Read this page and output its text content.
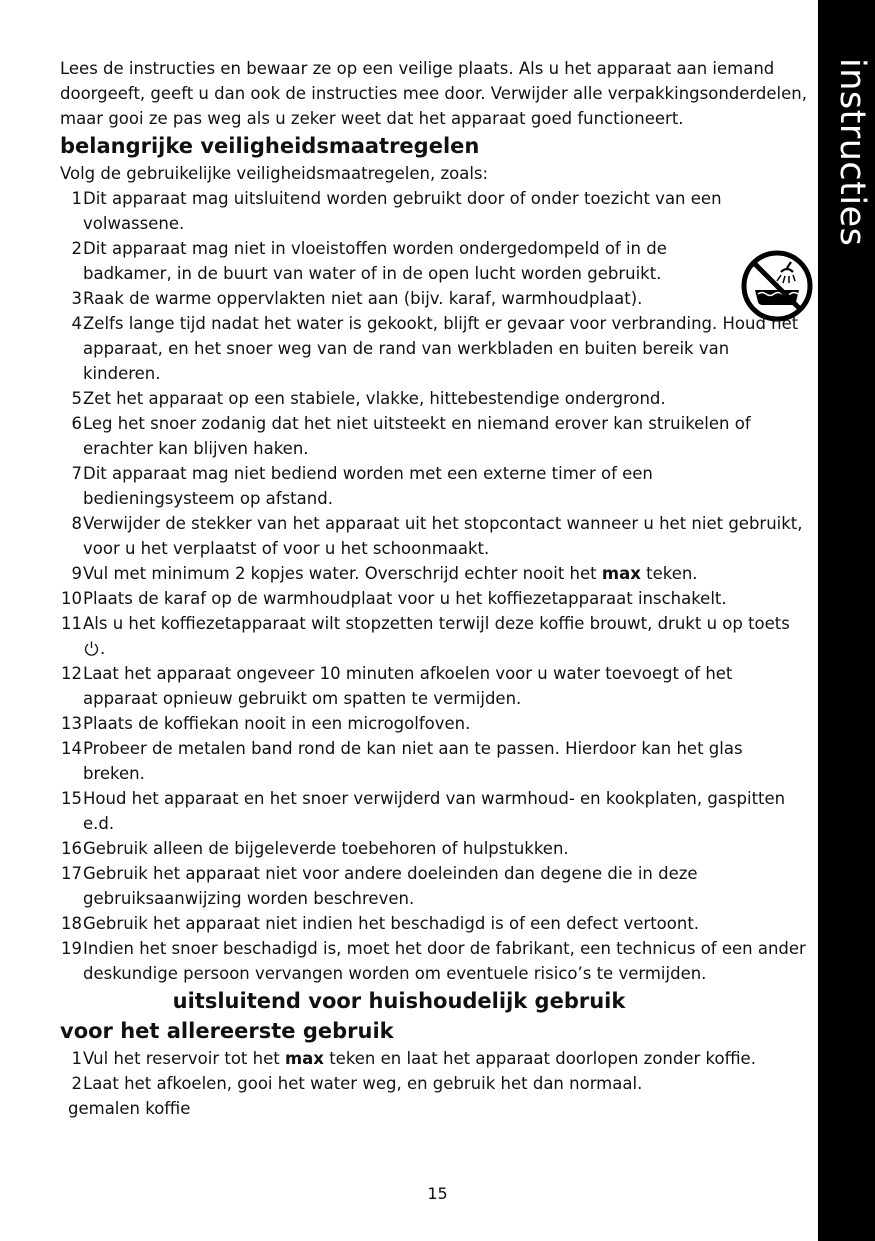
instructies

Lees de instructies en bewaar ze op een veilige plaats. Als u het apparaat aan iemand doorgeeft, geeft u dan ook de instructies mee door. Verwijder alle verpakkingsonderdelen, maar gooi ze pas weg als u zeker weet dat het apparaat goed functioneert.

belangrijke veiligheidsmaatregelen

Volg de gebruikelijke veiligheidsmaatregelen, zoals:

1 Dit apparaat mag uitsluitend worden gebruikt door of onder toezicht van een volwassene.
2 Dit apparaat mag niet in vloeistoffen worden ondergedompeld of in de badkamer, in de buurt van water of in de open lucht worden gebruikt.
3 Raak de warme oppervlakten niet aan (bijv. karaf, warmhoudplaat).
4 Zelfs lange tijd nadat het water is gekookt, blijft er gevaar voor verbranding. Houd het apparaat, en het snoer weg van de rand van werkbladen en buiten bereik van kinderen.
5 Zet het apparaat op een stabiele, vlakke, hittebestendige ondergrond.
6 Leg het snoer zodanig dat het niet uitsteekt en niemand erover kan struikelen of erachter kan blijven haken.
7 Dit apparaat mag niet bediend worden met een externe timer of een bedieningsysteem op afstand.
8 Verwijder de stekker van het apparaat uit het stopcontact wanneer u het niet gebruikt, voor u het verplaatst of voor u het schoonmaakt.
9 Vul met minimum 2 kopjes water. Overschrijd echter nooit het max teken.
10 Plaats de karaf op de warmhoudplaat voor u het koffiezetapparaat inschakelt.
11 Als u het koffiezetapparaat wilt stopzetten terwijl deze koffie brouwt, drukt u op toets .
12 Laat het apparaat ongeveer 10 minuten afkoelen voor u water toevoegt of het apparaat opnieuw gebruikt om spatten te vermijden.
13 Plaats de koffiekan nooit in een microgolfoven.
14 Probeer de metalen band rond de kan niet aan te passen. Hierdoor kan het glas breken.
15 Houd het apparaat en het snoer verwijderd van warmhoud- en kookplaten, gaspitten e.d.
16 Gebruik alleen de bijgeleverde toebehoren of hulpstukken.
17 Gebruik het apparaat niet voor andere doeleinden dan degene die in deze gebruiksaanwijzing worden beschreven.
18 Gebruik het apparaat niet indien het beschadigd is of een defect vertoont.
19 Indien het snoer beschadigd is, moet het door de fabrikant, een technicus of een ander deskundige persoon vervangen worden om eventuele risico’s te vermijden.
uitsluitend voor huishoudelijk gebruik
voor het allereerste gebruik
1 Vul het reservoir tot het max teken en laat het apparaat doorlopen zonder koffie.
2 Laat het afkoelen, gooi het water weg, en gebruik het dan normaal.
gemalen koffie
15
